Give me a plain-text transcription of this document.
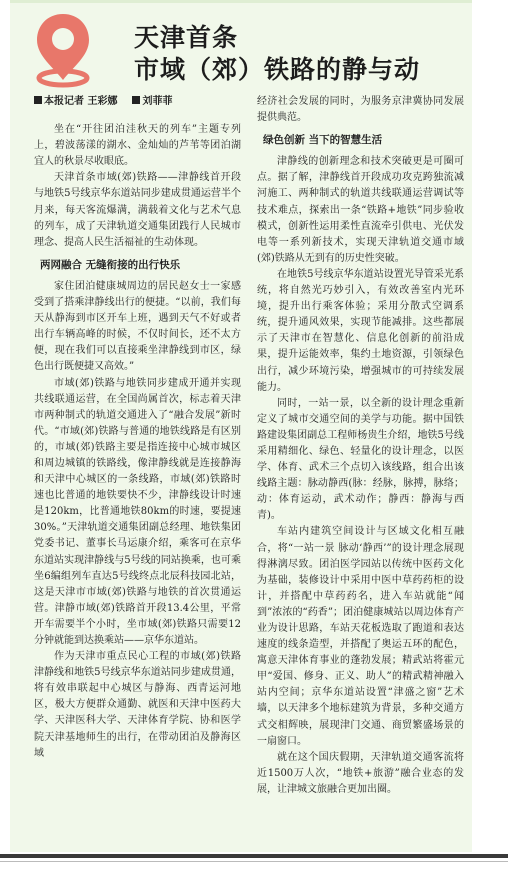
天津首条
市域（郊）铁路的静与动
本报记者 王彩娜 刘菲菲

坐在“开往团泊洼秋天的列车”主题专列上，碧波荡漾的湖水、金灿灿的芦苇等团泊湖宜人的秋景尽收眼底。

天津首条市域(郊)铁路——津静线首开段与地铁5号线京华东道站同步建成贯通运营半个月来，每天客流爆满，满载着文化与艺术气息的列车，成了天津轨道交通集团践行人民城市理念、提高人民生活福祉的生动体现。

两网融合 无缝衔接的出行快乐

家住团泊健康城周边的居民赵女士一家感受到了搭乘津静线出行的便捷。“以前，我们每天从静海到市区开车上班，遇到天气不好或者出行车辆高峰的时候，不仅时间长，还不太方便，现在我们可以直接乘坐津静线到市区，绿色出行既便捷又高效。”

市域(郊)铁路与地铁同步建成开通并实现共线联通运营，在全国尚属首次，标志着天津市两种制式的轨道交通进入了“融合发展”新时代。“市域(郊)铁路与普通的地铁线路是有区别的，市域(郊)铁路主要是指连接中心城市城区和周边城镇的铁路线，像津静线就是连接静海和天津中心城区的一条线路，市域(郊)铁路时速也比普通的地铁要快不少，津静线设计时速是120km，比普通地铁80km的时速，要提速30%。”天津轨道交通集团副总经理、地铁集团党委书记、董事长马运康介绍，乘客可在京华东道站实现津静线与5号线的同站换乘，也可乘坐6编组列车直达5号线终点北辰科技园北站，这是天津市市域(郊)铁路与地铁的首次贯通运营。津静市域(郊)铁路首开段13.4公里，平常开车需要半个小时，坐市域(郊)铁路只需要12分钟就能到达换乘站——京华东道站。

作为天津市重点民心工程的市域(郊)铁路津静线和地铁5号线京华东道站同步建成贯通，将有效串联起中心城区与静海、西青运河地区，极大方便群众通勤、就医和天津中医药大学、天津医科大学、天津体育学院、协和医学院天津基地师生的出行，在带动团泊及静海区域

经济社会发展的同时，为服务京津冀协同发展提供典范。

绿色创新 当下的智慧生活

津静线的创新理念和技术突破更是可圈可点。据了解，津静线首开段成功攻克跨独流减河施工、两种制式的轨道共线联通运营调试等技术难点，探索出一条“铁路+地铁”同步验收模式，创新性运用柔性直流牵引供电、光伏发电等一系列新技术，实现天津轨道交通市域(郊)铁路从无到有的历史性突破。

在地铁5号线京华东道站设置光导管采光系统，将自然光巧妙引入，有效改善室内光环境，提升出行乘客体验；采用分散式空调系统，提升通风效果，实现节能减排。这些都展示了天津市在智慧化、信息化创新的前沿成果，提升运能效率，集约土地资源，引领绿色出行，减少环境污染，增强城市的可持续发展能力。

同时，一站一景，以全新的设计理念重新定义了城市交通空间的美学与功能。据中国铁路建设集团副总工程师杨贵生介绍，地铁5号线采用精细化、绿色、轻量化的设计理念，以医学、体育、武术三个点切入该线路，组合出该线路主题：脉动静西(脉：经脉，脉搏，脉络；动：体育运动，武术动作；静西：静海与西青)。

车站内建筑空间设计与区域文化相互融合，将“一站一景 脉动‘静西’”的设计理念展现得淋漓尽致。团泊医学园站以传统中医药文化为基础，装修设计中采用中医中草药药柜的设计，并搭配中草药药名，进入车站就能“闻到”浓浓的“药香”；团泊健康城站以周边体育产业为设计思路，车站天花板选取了跑道和表达速度的线条造型，并搭配了奥运五环的配色，寓意天津体育事业的蓬勃发展；精武站将霍元甲“爱国、修身、正义、助人”的精武精神融入站内空间；京华东道站设置“津盛之窗”艺术墙，以天津多个地标建筑为背景，多种交通方式交相辉映，展现津门交通、商贸繁盛场景的一扇窗口。

就在这个国庆假期，天津轨道交通客流将近1500万人次，“地铁+旅游”融合业态的发展，让津城文旅融合更加出圈。
